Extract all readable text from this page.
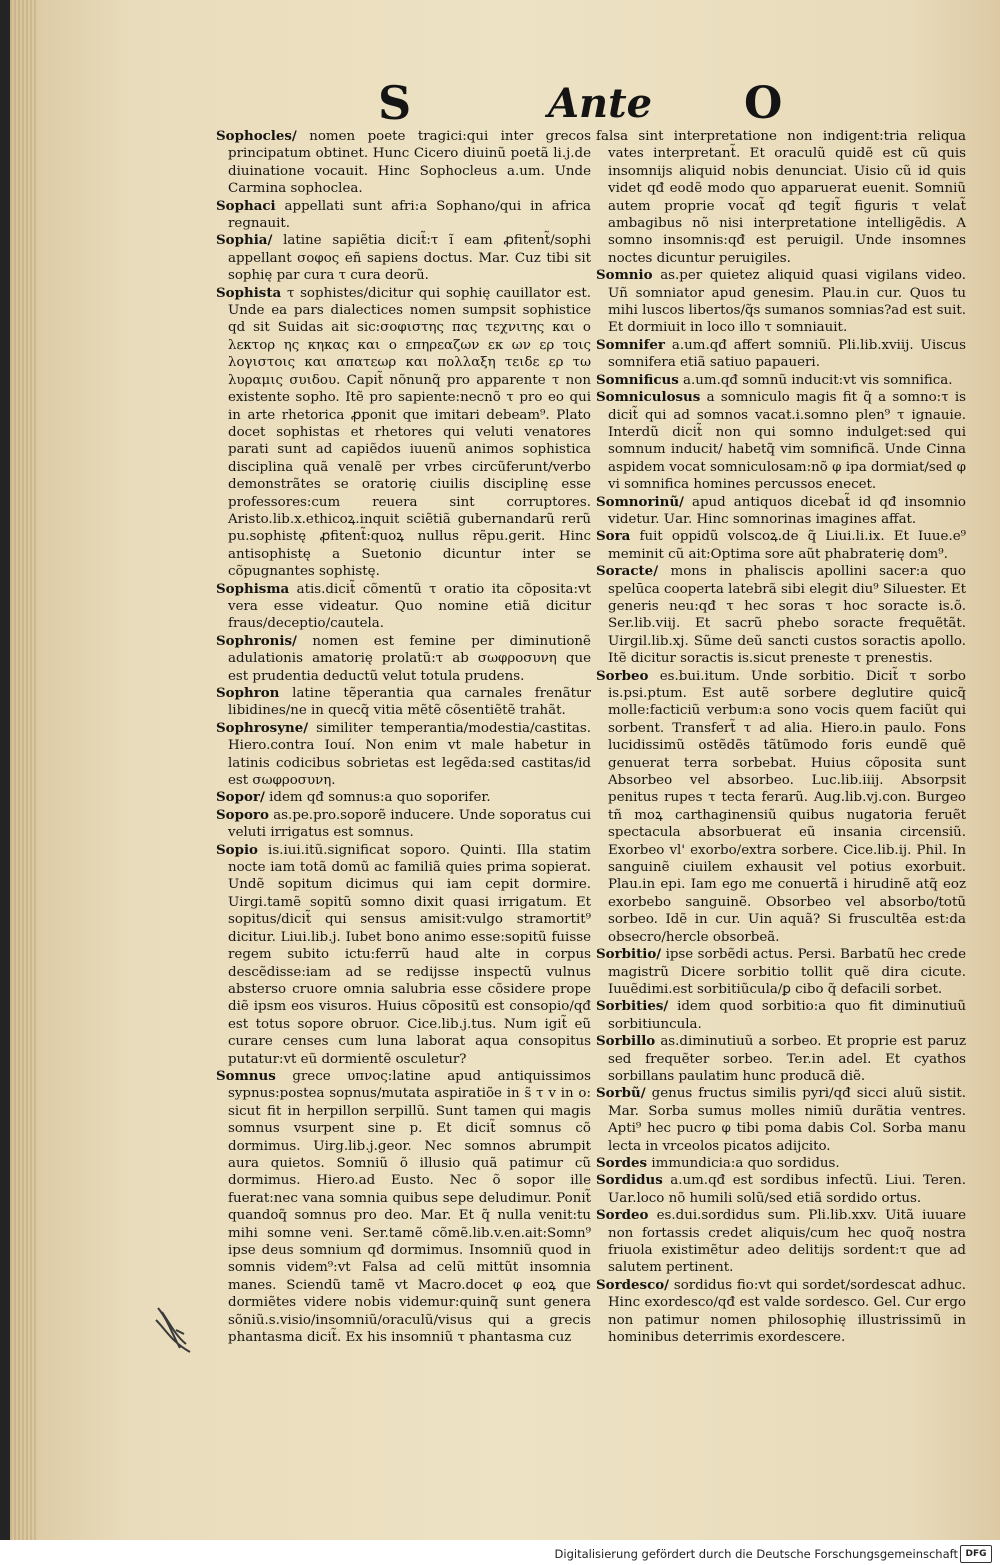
S	Ante O

Sophocles/ nomen poete tragici:qui inter grecos principatum obtinet. Hunc Cicero diuinũ poetã li.j.de diuinatione vocauit. Hinc Sophocleus a.um. Unde Carmina sophoclea.

Sophaci appellati sunt afri:a Sophano/qui in africa regnauit.

Sophia/ latine sapiẽtia dicit̃:τ ĩ eam ꝓfitent̃/sophi appellant σοφος eñ sapiens doctus. Mar. Cuz tibi sit sophię par cura τ cura deorũ.

Sophista τ sophistes/dicitur qui sophię cauillator est. Unde ea pars dialectices nomen sumpsit sophistice qd sit Suidas ait sic:σοφιστης πας τεχνιτης και ο λεκτορ ης κηκας και ο επηρεαζων εκ ων ερ τοις λογιστοις και απατεωρ και πολλαξη τειδε ερ τω λυραμις συιδου. Capit̃ nõnunq̃ pro apparente τ non existente sopho. Itẽ pro sapiente:necnõ τ pro eo qui in arte rhetorica ꝓponit que imitari debeam⁹. Plato docet sophistas et rhetores qui veluti venatores parati sunt ad capiẽdos iuuenũ animos sophistica disciplina quã venalẽ per vrbes circũferunt/verbo demonstrãtes se oratorię ciuilis disciplinę esse professores:cum reuera sint corruptores. Aristo.lib.x.ethicoꝝ.inquit sciẽtiã gubernandarũ rerũ pu.sophistę ꝓfitent̃:quoꝝ nullus rẽpu.gerit. Hinc antisophistę a Suetonio dicuntur inter se cõpugnantes sophistę.

Sophisma atis.dicit̃ cõmentũ τ oratio ita cõposita:vt vera esse videatur. Quo nomine etiã dicitur fraus/deceptio/cautela.

Sophronis/ nomen est femine per diminutionẽ adulationis amatorię prolatũ:τ ab σωφροσυνη que est prudentia deductũ velut totula prudens.

Sophron latine tẽperantia qua carnales frenãtur libidines/ne in quecq̃ vitia mẽtẽ cõsentiẽtẽ trahãt.

Sophrosyne/ similiter temperantia/modestia/castitas. Hiero.contra Iouí. Non enim vt male habetur in latinis codicibus sobrietas est legẽda:sed castitas/id est σωφροσυνη.

Sopor/ idem qđ somnus:a quo soporifer.

Soporo as.pe.pro.soporẽ inducere. Unde soporatus cui veluti irrigatus est somnus.

Sopio is.iui.itũ.significat soporo. Quinti. Illa statim nocte iam totã domũ ac familiã quies prima sopierat. Undẽ sopitum dicimus qui iam cepit dormire. Uirgi.tamẽ sopitũ somno dixit quasi irrigatum. Et sopitus/dicit̃ qui sensus amisit:vulgo stramortit⁹ dicitur. Liui.lib.j. Iubet bono animo esse:sopitũ fuisse regem subito ictu:ferrũ haud alte in corpus descẽdisse:iam ad se redijsse inspectũ vulnus absterso cruore omnia salubria esse cõsidere prope diẽ ipsm eos visuros. Huius cõpositũ est consopio/qđ est totus sopore obruor. Cice.lib.j.tus. Num igit̃ eũ curare censes cum luna laborat aqua consopitus putatur:vt eũ dormientẽ osculetur?

Somnus grece υπνος:latine apud antiquissimos sypnus:postea sopnus/mutata aspiratiõe in s̃ τ v in o: sicut fit in herpillon serpillũ. Sunt tamen qui magis somnus vsurpent sine p. Et dicit̃ somnus cõ dormimus. Uirg.lib.j.geor. Nec somnos abrumpit aura quietos. Somniũ õ illusio quã patimur cũ dormimus. Hiero.ad Eusto. Nec õ sopor ille fuerat:nec vana somnia quibus sepe deludimur. Ponit̃ quandoq̃ somnus pro deo. Mar. Et q̃ nulla venit:tu mihi somne veni. Ser.tamẽ cõmẽ.lib.v.en.ait:Somn⁹ ipse deus somnium qđ dormimus. Insomniũ quod in somnis videm⁹:vt Falsa ad celũ mittũt insomnia manes. Sciendũ tamẽ vt Macro.docet φ eoꝝ que dormiẽtes videre nobis videmur:quinq̃ sunt genera sõniũ.s.visio/insomniũ/oraculũ/visus qui a grecis phantasma dicit̃. Ex his insomniũ τ phantasma cuz

falsa sint interpretatione non indigent:tria reliqua vates interpretant̃. Et oraculũ quidẽ est cũ quis insomnijs aliquid nobis denunciat. Uisio cũ id quis videt qđ eodẽ modo quo apparuerat euenit. Somniũ autem proprie vocat̃ qđ tegit̃ figuris τ velat̃ ambagibus nõ nisi interpretatione intelligẽdis. A somno insomnis:qđ est peruigil. Unde insomnes noctes dicuntur peruigiles.

Somnio as.per quietez aliquid quasi vigilans video. Uñ somniator apud genesim. Plau.in cur. Quos tu mihi luscos libertos/q̃s sumanos somnias?ad est suit. Et dormiuit in loco illo τ somniauit.

Somnifer a.um.qđ affert somniũ. Pli.lib.xviij. Uiscus somnifera etiã satiuo papaueri.

Somnificus a.um.qđ somnũ inducit:vt vis somnifica.

Somniculosus a somniculo magis fit q̃ a somno:τ is dicit̃ qui ad somnos vacat.i.somno plen⁹ τ ignauie. Interdũ dicit̃ non qui somno indulget:sed qui somnum inducit/ habetq̃ vim somnificã. Unde Cinna aspidem vocat somniculosam:nõ φ ipa dormiat/sed φ vi somnifica homines percussos enecet.

Somnorinũ/ apud antiquos dicebat̃ id qđ insomnio videtur. Uar. Hinc somnorinas imagines affat.

Sora fuit oppidũ volscoꝝ.de q̃ Liui.li.ix. Et Iuue.e⁹ meminit cũ ait:Optima sore aũt phabraterię dom⁹.

Soracte/ mons in phaliscis apollini sacer:a quo spelūca cooperta latebrã sibi elegit diu⁹ Siluester. Et generis neu:qđ τ hec soras τ hoc soracte is.õ. Ser.lib.viij. Et sacrũ phebo soracte frequẽtãt. Uirgil.lib.xj. Sũme deũ sancti custos soractis apollo. Itẽ dicitur soractis is.sicut preneste τ prenestis.

Sorbeo es.bui.itum. Unde sorbitio. Dicit̃ τ sorbo is.psi.ptum. Est autẽ sorbere deglutire quicq̃ molle:facticiũ verbum:a sono vocis quem faciũt qui sorbent. Transfert̃ τ ad alia. Hiero.in paulo. Fons lucidissimũ ostẽdẽs tãtũmodo foris eundẽ quẽ genuerat terra sorbebat. Huius cõposita sunt Absorbeo vel absorbeo. Luc.lib.iiij. Absorpsit penitus rupes τ tecta ferarũ. Aug.lib.vj.con. Burgeo tñ moꝝ carthaginensiũ quibus nugatoria feruẽt spectacula absorbuerat eũ insania circensiũ. Exorbeo vl' exorbo/extra sorbere. Cice.lib.ij. Phil. In sanguinẽ ciuilem exhausit vel potius exorbuit. Plau.in epi. Iam ego me conuertã i hirudinẽ atq̃ eoz exorbebo sanguinẽ. Obsorbeo vel absorbo/totũ sorbeo. Idẽ in cur. Uin aquã? Si fruscultẽa est:da obsecro/hercle obsorbeã.

Sorbitio/ ipse sorbẽdi actus. Persi. Barbatũ hec crede magistrũ Dicere sorbitio tollit quẽ dira cicute. Iuuẽdimi.est sorbitiũcula/ꝑ cibo q̃ defacili sorbet.

Sorbities/ idem quod sorbitio:a quo fit diminutiuũ sorbitiuncula.

Sorbillo as.diminutiuũ a sorbeo. Et proprie est paruz sed frequẽter sorbeo. Ter.in adel. Et cyathos sorbillans paulatim hunc producã diẽ.

Sorbũ/ genus fructus similis pyri/qđ sicci aluũ sistit. Mar. Sorba sumus molles nimiũ durãtia ventres. Apti⁹ hec pucro φ tibi poma dabis Col. Sorba manu lecta in vrceolos picatos adijcito.

Sordes immundicia:a quo sordidus.

Sordidus a.um.qđ est sordibus infectũ. Liui. Teren. Uar.loco nõ humili solũ/sed etiã sordido ortus.

Sordeo es.dui.sordidus sum. Pli.lib.xxv. Uitã iuuare non fortassis credet aliquis/cum hec quoq̃ nostra friuola existimẽtur adeo delitijs sordent:τ que ad salutem pertinent.

Sordesco/ sordidus fio:vt qui sordet/sordescat adhuc. Hinc exordesco/qđ est valde sordesco. Gel. Cur ergo non patimur nomen philosophię illustrissimũ in hominibus deterrimis exordescere.

Digitalisierung gefördert durch die Deutsche Forschungsgemeinschaft DFG
